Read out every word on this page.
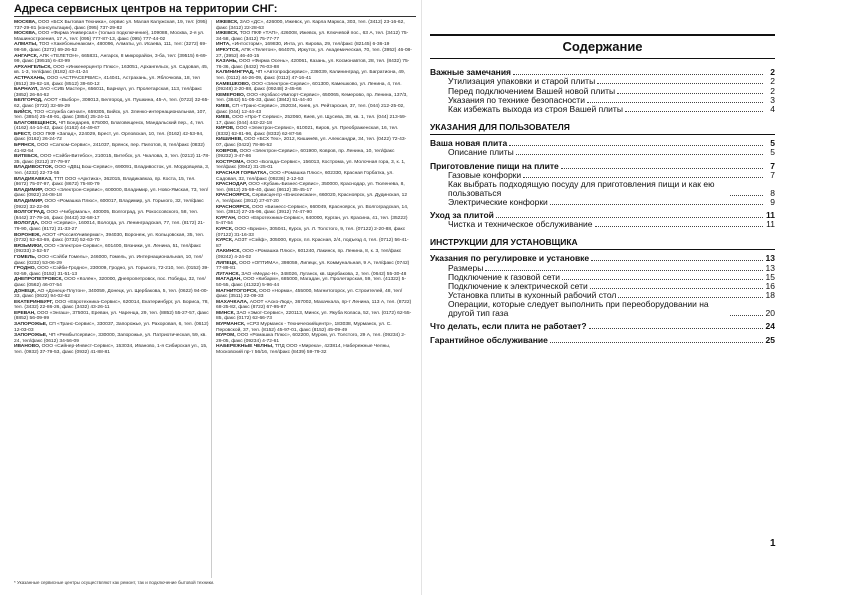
Адреса сервисных центров на территории СНГ:

МОСКВА, ООО «БСХ Бытовая Техника», сервис ул. Малая Калужская, 19, тел: (095) 737-29-81 (консультации), факс (095) 737-29-82

МОСКВА, ООО «Фирма Универсал» (только подключение), 109088, Москва, 2-я ул. Машиностроения, 17 А, тел: (095) 777-87-13, факс (095) 777-44-02

АЛМАТЫ, ТОО «Хакебоньенаком», 480096, Алматы, ул. Исаева, 111, тел: (3272) 69-98-59, факс (3272) 69-26-52

АНГАРСК, АПК «ТЕЛЕТОН», 665831, Ангарск, 8 микрорайон, 3-ба, тел: (39515) 6-69-99, факс (39515) 6-43-99

АРХАНГЕЛЬСК, ООО «Инженерцентр Плюс», 163051, Архангельск, ул. Садовая, 45, кв. 1-3, тел/факс (8182) 43-41-24

АСТРАХАНЬ, ООО «АСТРАСЕРВИС», 414041, Астрахань, ул. Яблочкова, 18, тел (8512) 39-62-18, факс (8512) 39-60-12

БАРНАУЛ, ЗАО «СИБ Мастер», 656011, Барнаул, ул. Пролетарская, 113, тел/факс (3852) 26-84-62

БЕЛГОРОД, АООТ «Выбор», 308013, Белгород, ул. Пушкина, 45-А, тел. (0722) 32-65-62, факс (0722) 32-69-29

БИЙСК, ТОО «Служба сигнал», 659305, Бийск, ул. Зленко-интернациональная, 107, тел. (3854) 25-48-91, факс (3854) 25-24-11

БЛАГОВЕЩЕНСК, ЧП Бондарев, 675000, Благовещенск, Мандальский пер., 4, тел. (4162) 44-14-42, факс (4162) 44-49-67

БРЕСТ, ООО ПКФ «Запад», 224029, Брест, ул. Орловская, 10, тел. (0162) 42-53-94, факс (0162) 26-24-72

БРЯНСК, ООО «Сатком-Сервис», 241037, Брянск, пер. Пилотов, 8, тел/факс (0832) 41-82-54

ВИТЕБСК, ООО «Сэйби-Витебск», 210015, Витебск, ул. Чкалова, 3, тел. (0212) 11-78-35, факс (0212) 37-79-97

ВЛАДИВОСТОК, ООО «ДВЦ Бош-Сервис», 690091, Владивосток, ул. Мордовцева, 3, тел. (4232) 22-73-55

ВЛАДИКАВКАЗ, ТТП ООО «Арктика», 362015, Владикавказ, пр. Коста, 15, тел. (8672) 75-07-97, факс (8672) 75-80-79

ВЛАДИМИР, ООО «Электрон-Сервис», 600000, Владимир, ул. Ново-Ямская, 73, тел/факс (0922) 24-08-18

ВЛАДИМИР, ООО «Ромашка Плюс», 600017, Владимир, ул. Горького, 32, тел/факс (0922) 32-22-06

ВОЛГОГРАД, ООО «Чибурмаль», 400005, Волгоград, ул. Рокоссовского, 58, тел. (8442) 37-79-16, факс (8442) 32-58-17

ВОЛОГДА, ООО «Сервис», 160014, Вологда, ул. Ленинградская, 77, тел. (8172) 21-79-90, факс (8172) 21-33-27

ВОРОНЕЖ, АООТ «РоссияУнивермаг», 394030, Воронеж, ул. Кольцовская, 35, тел. (0732) 52-63-69, факс (0732) 52-63-70

ВЯЗЬМИКИ, ООО «Электрон-Сервис», 601400, Вязники, ул. Ленина, 51, тел/факс (09233) 2-52-57

ГОМЕЛЬ, ООО «Сэйби Гомель», 246000, Гомель, ул. Интернациональная, 10, тел/факс (0232) 53-06-29

ГРОДНО, ООО «Сэйби-Гродно», 230009, Гродно, ул. Горького, 72-210, тел. (0152) 39-92-59, факс (0152) 31-51-13

ДНЕПРОПЕТРОВСК, ООО «Колён», 320000, Днепропетровск, пос. Победы, 32, тел/факс (0562) 46-07-54

ДОНЕЦК, АО «Донецк-Плутон», 340059, Донецк, ул. Щербакова, 5, тел. (0622) 94-00-33, факс (0622) 94-02-62

ЕКАТЕРИНБУРГ, ООО «Евротехника-Сервис», 620014, Екатеринбург, ул. Бориса, 78, тел. (3432) 22-86-26, факс (3432) 43-26-11

ЕРЕВАН, ООО «Энгаш», 375001, Ереван, ул. Чаренца, 29, тел. (8852) 55-27-57, факс (8852) 56-09-99

ЗАПОРОЖЬЕ, СП «Транс-Сервис», 330037, Запорожье, ул. Рахоровая, 6, тел. (0612) 12-03-03

ЗАПОРОЖЬЕ, ЧП «Рембытсервис», 330000, Запорожье, ул. Патриотическая, 59, кв. 24, тел/факс (0612) 34-56-09

ИВАНОВО, ООО «Сийнер-Инвест-Сервис», 153034, Иваново, 1-я Сибирская ул., 15, тел. (0932) 37-79-53, факс (0932) 41-88-81

ИЖЕВСК, ЗАО «ДС», 426000, Ижевск, ул. Карла Маркса, 303, тел. (3412) 23-16-62, факс (3412) 22-28-63

ИЖЕВСК, ТОО ПКФ «ТАП», 426008, Ижевск, ул. Ключевой пос., 63 А, тел. (3412) 75-34-58, факс (3412) 75-77-77

ИНТА, «Интосторм», 169830, Инта, ул. Кирова, 29, тел/факс (82145) 6-36-19

ИРКУТСК, АПК «Телетон», 664075, Иркутск, ул. Академическая, 70, тел. (3952) 46-08-27, (3952) 46-40-15

КАЗАНЬ, ООО «Фирма Осень», 420061, Казань, ул. Космонавтов, 28, тел. (8432) 75-76-36, факс (8432) 76-03-88

КАЛИНИНГРАД, ЧП «Автопрофсервис», 236039, Калининград, ул. Багратиона, 49, тел. (0112) 44-26-09, факс (0112) 47-16-41

КАМЕШКОВО, ООО «Электрон-Сервис», 601300, Камешково, ул. Ленина, 4, тел. (09248) 2-20-88, факс (09248) 2-45-66

КЕМЕРОВО, ООО «Кузбасс-Импорт-Сервис», 650065, Кемерово, пр. Ленина, 137/3, тел. (3842) 51-05-33, факс (3842) 51-44-40

КИЕВ, СП «Транс-Сервис», 252034, Киев, ул. Рейтарская, 37, тел. (044) 212-25-02, факс (044) 12-44-43

КИЕВ, ООО «Про-Т Сервис», 252060, Киев, ул. Щусева, 38, кв. 1, тел. (044) 213-59-17, факс (044) 442-22-18

КИРОВ, ООО «Электрон-Сервис», 610021, Киров, ул. Преображенская, 16, тел. (8332) 62-81-96, факс (8332) 62-87-56

КИШИНЕВ, ООО «БСХ Тех», 2012, Кишинёв, ул. Александри, 34, тел. (0422) 72-43-07, факс (0422) 78-86-52

КОВРОВ, ООО «Электрон-Сервис», 601900, Ковров, пр. Ленина, 10, тел/факс (09232) 3-47-86

КОСТРОМА, ООО «Болада-Сервис», 156013, Кострома, ул. Молочная гора, 3, к. 1, тел/факс (0942) 31-25-01

КРАСНАЯ ГОРБАТКА, ООО «Ромашка Плюс», 602330, Красная Горбатка, ул. Садовая, 32, тел/факс (09236) 2-12-53

КРАСНОДАР, ООО «Кубань-Бизнес-Сервис», 350000, Краснодар, ул. Тюленева, 8, тел. (8612) 25-59-40, факс (8612) 35-45-17

КРАСНОЯРСК, Сервисцентр «Енисеисжан», 660020, Красноярск, ул. Дудинская, 12 А, тел/факс (3912) 27-67-20

КРАСНОЯРСК, ООО «Бизнесс-Сервис», 660049, Красноярск, ул. Волгоградская, 14, тел. (3912) 27-25-96, факс (3912) 74-47-90

КУРГАН, ООО «Евротехника-Сервис», 640000, Курган, ул. Красина, 41, тел. (35222) 5-47-54

КУРСК, ООО «Брион», 305041, Курск, ул. Л. Толстого, 9, тел. (07122) 2-20-88, факс (07122) 31-16-33

КУРСК, АОЗТ «Сэйф», 305000, Курск, пл. Красная, 2/4, подъезд 4, тел. (0712) 56-41-87

ЛАКИНСК, ООО «Ромашка Плюс», 601240, Лакинск, пр. Ленина, 8, к. 3, тел/факс (09242) 4-24-02

ЛИПЕЦК, ООО «ОПТИМА», 398059, Липецк, ул. Коммунальная, 9 А, тел/факс (0742) 77-89-81

ЛУГАНСК, ЗАО «Медас-Н», 348026, Луганск, кв. Щербакова, 2, тел. (0642) 55-30-48

МАГАДАН, ООО «Кибарм», 685000, Магадан, ул. Пролетарская, 59, тел. (41322) 5-50-55, факс (41322) 5-96-44

МАГНИТОГОРСК, ООО «Норма», 455000, Магнитогорск, ул. Строителей, 48, тел/факс (3511) 22-09-33

МАХАЧКАЛА, АООТ «Аско-Люд», 367002, Махачкала, пр-т Ленина, 113 А, тел. (8722) 68-25-82, факс (8722) 67-95-87

МИНСК, ЗАО «Эмот-Сервис», 220113, Минск, ул. Якуба Коласа, 52, тел. (0172) 62-55-85, факс (0172) 62-66-73

МУРМАНСК, «СРЗ Мурманск - Техническийцентр», 183038, Мурманск, ул. С. Перовской, 37, тел. (8152) 45-97-01, факс (8152) 45-09-49

МУРОМ, ООО «Ромашка Плюс», 602200, Муром, ул. Толстого, 29 А, тел. (09234) 2-29-05, факс (09234) 4-72-61

НАБЕРЕЖНЫЕ ЧЕЛНЫ, ТПД ООО «Мирека», 423814, Набережные Челны, Московский пр-т 56/16, тел/факс (8439) 59-79-32

* Указанные сервисные центры осуществляют как ремонт, так и подключение бытовой техники.
Содержание
Важные замечания	2
Утилизация упаковки и старой плиты	2
Перед подключением Вашей новой плиты	2
Указания по технике безопасности	3
Как избежать выхода из строя Вашей плиты	4
УКАЗАНИЯ ДЛЯ ПОЛЬЗОВАТЕЛЯ
Ваша новая плита	5
Описание плиты	5
Приготовление пищи на плите	7
Газовые конфорки	7
Как выбрать подходящую посуду для приготовления пищи и как ею пользоваться	8
Электрические конфорки	9
Уход за плитой	11
Чистка и техническое обслуживание	11
ИНСТРУКЦИИ ДЛЯ УСТАНОВЩИКА
Указания по регулировке и установке	13
Размеры	13
Подключение к газовой сети	15
Подключение к электрической сети	16
Установка плиты в кухонный рабочий стол	18
Операции, которые следует выполнить при переоборудовании на другой тип газа	20
Что делать, если плита не работает?	24
Гарантийное обслуживание	25
1
